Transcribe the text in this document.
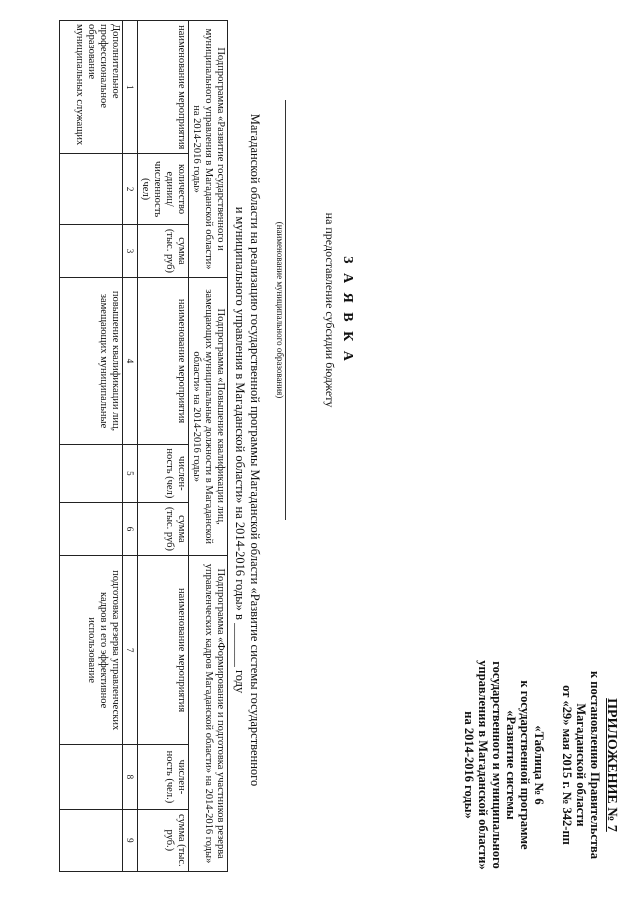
ПРИЛОЖЕНИЕ № 7
к постановлению Правительства
Магаданской области
от «29» мая 2015 г. № 342-пп
«Таблица № 6
к государственной программе
«Развитие системы
государственного и муниципального
управления в Магаданской области»
на 2014-2016 годы»
З А Я В К А
на предоставление субсидии бюджету
(наименование муниципального образования)
Магаданской области на реализацию государственной программы Магаданской области «Развитие системы государственного
и муниципального управления в Магаданской области» на 2014-2016 годы» в _______ году
Подпрограмма «Развитие государственного и муниципального управления в Магаданской области» на 2014-2016 годы»			Подпрограмма «Повышение квалификации лиц, замещающих муниципальные должности в Магаданской области» на 2014-2016 годы»			Подпрограмма «Формирование и подготовка участников резерва управленческих кадров Магаданской области» на 2014-2016 годы»		
наименование мероприятия	количество единиц/ численность (чел)	сумма (тыс. руб)	наименование мероприятия	числен- ность (чел)	сумма (тыс. руб)	наименование мероприятия	числен- ность (чел.)	сумма (тыс. руб.)
1	2	3	4	5	6	7	8	9
Дополнительное профессиональное образование муниципальных служащих			повышение квалификации лиц, замещающих муниципальные			подготовка резерва управленческих кадров и его эффективное использование		
